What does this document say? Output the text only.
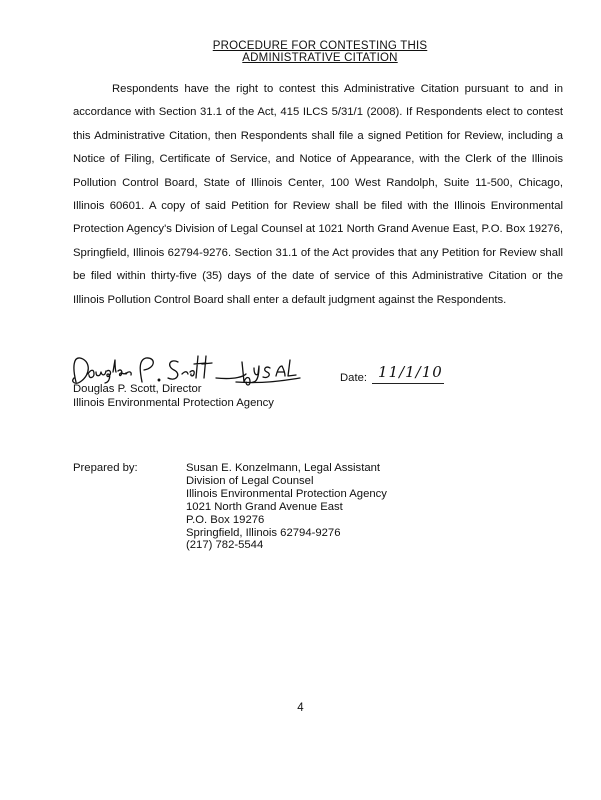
PROCEDURE FOR CONTESTING THIS
ADMINISTRATIVE CITATION

Respondents have the right to contest this Administrative Citation pursuant to and in accordance with Section 31.1 of the Act, 415 ILCS 5/31/1 (2008). If Respondents elect to contest this Administrative Citation, then Respondents shall file a signed Petition for Review, including a Notice of Filing, Certificate of Service, and Notice of Appearance, with the Clerk of the Illinois Pollution Control Board, State of Illinois Center, 100 West Randolph, Suite 11-500, Chicago, Illinois 60601. A copy of said Petition for Review shall be filed with the Illinois Environmental Protection Agency's Division of Legal Counsel at 1021 North Grand Avenue East, P.O. Box 19276, Springfield, Illinois 62794-9276. Section 31.1 of the Act provides that any Petition for Review shall be filed within thirty-five (35) days of the date of service of this Administrative Citation or the Illinois Pollution Control Board shall enter a default judgment against the Respondents.

Douglas P. Scott, Director
Illinois Environmental Protection Agency
Date: 11/1/10
Prepared by:	Susan E. Konzelmann, Legal Assistant
Division of Legal Counsel
Illinois Environmental Protection Agency
1021 North Grand Avenue East
P.O. Box 19276
Springfield, Illinois 62794-9276
(217) 782-5544
4
